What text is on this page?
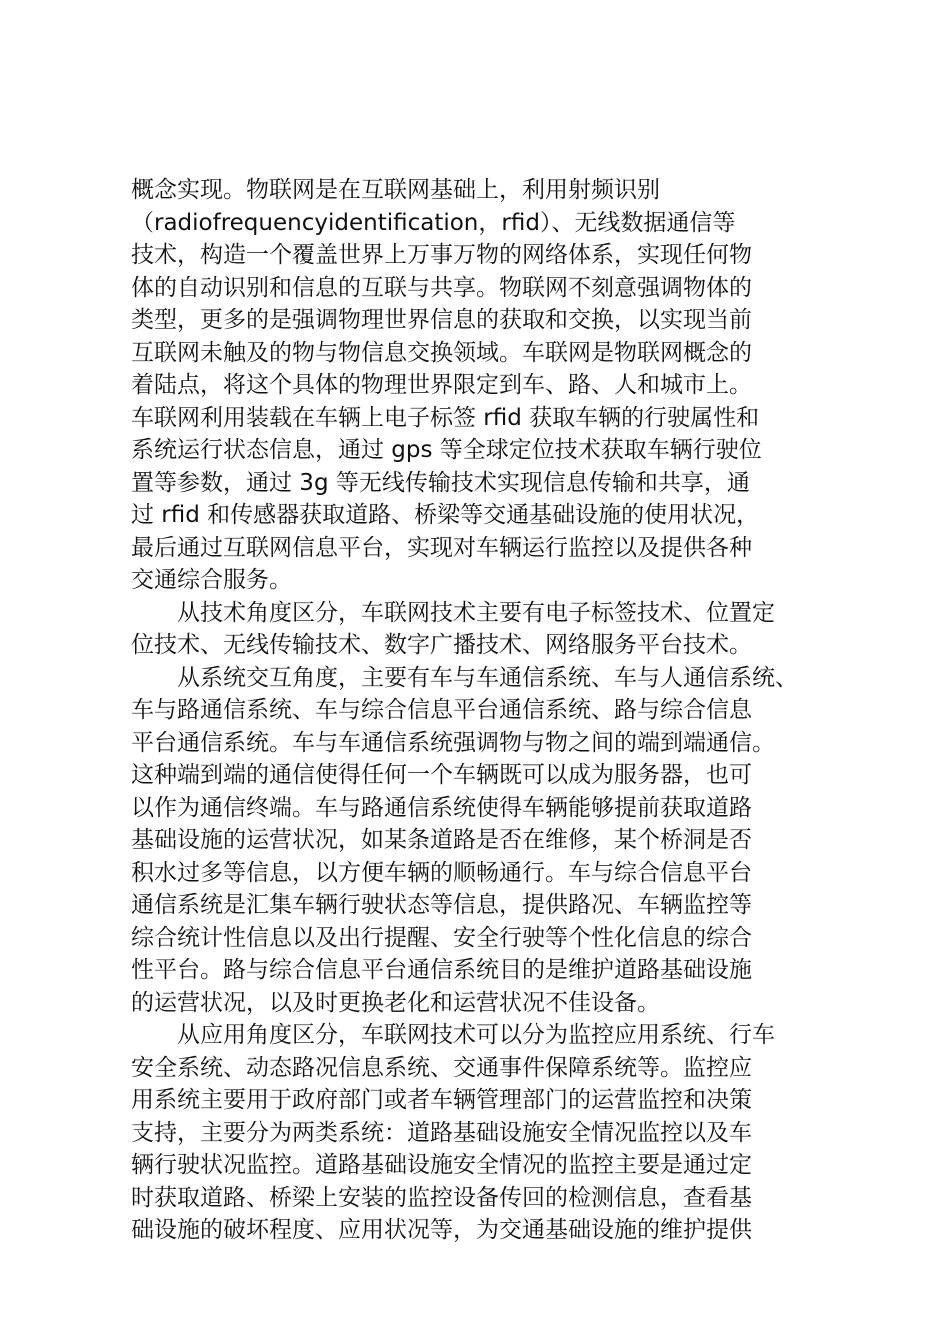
概念实现。物联网是在互联网基础上，利用射频识别
（radiofrequencyidentification，rfid）、无线数据通信等
技术，构造一个覆盖世界上万事万物的网络体系，实现任何物
体的自动识别和信息的互联与共享。物联网不刻意强调物体的
类型，更多的是强调物理世界信息的获取和交换，以实现当前
互联网未触及的物与物信息交换领域。车联网是物联网概念的
着陆点，将这个具体的物理世界限定到车、路、人和城市上。
车联网利用装载在车辆上电子标签 rfid 获取车辆的行驶属性和
系统运行状态信息，通过 gps 等全球定位技术获取车辆行驶位
置等参数，通过 3g 等无线传输技术实现信息传输和共享，通
过 rfid 和传感器获取道路、桥梁等交通基础设施的使用状况，
最后通过互联网信息平台，实现对车辆运行监控以及提供各种
交通综合服务。
　　从技术角度区分，车联网技术主要有电子标签技术、位置定
位技术、无线传输技术、数字广播技术、网络服务平台技术。
　　从系统交互角度，主要有车与车通信系统、车与人通信系统、
车与路通信系统、车与综合信息平台通信系统、路与综合信息
平台通信系统。车与车通信系统强调物与物之间的端到端通信。
这种端到端的通信使得任何一个车辆既可以成为服务器，也可
以作为通信终端。车与路通信系统使得车辆能够提前获取道路
基础设施的运营状况，如某条道路是否在维修，某个桥洞是否
积水过多等信息，以方便车辆的顺畅通行。车与综合信息平台
通信系统是汇集车辆行驶状态等信息，提供路况、车辆监控等
综合统计性信息以及出行提醒、安全行驶等个性化信息的综合
性平台。路与综合信息平台通信系统目的是维护道路基础设施
的运营状况，以及时更换老化和运营状况不佳设备。
　　从应用角度区分，车联网技术可以分为监控应用系统、行车
安全系统、动态路况信息系统、交通事件保障系统等。监控应
用系统主要用于政府部门或者车辆管理部门的运营监控和决策
支持，主要分为两类系统：道路基础设施安全情况监控以及车
辆行驶状况监控。道路基础设施安全情况的监控主要是通过定
时获取道路、桥梁上安装的监控设备传回的检测信息，查看基
础设施的破坏程度、应用状况等，为交通基础设施的维护提供
